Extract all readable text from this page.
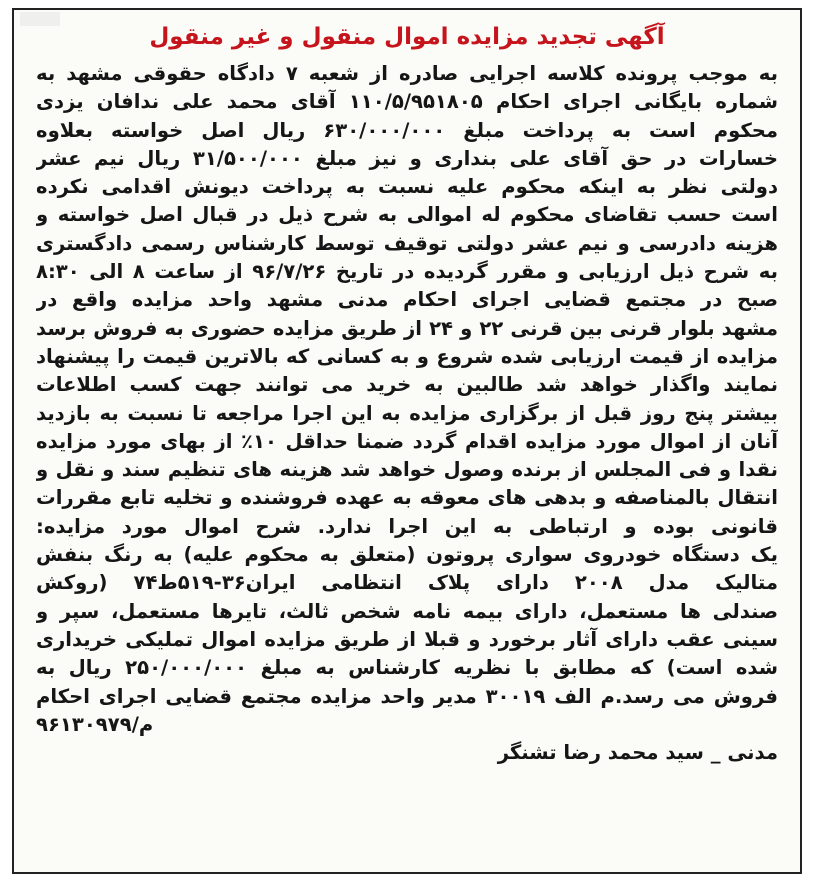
آگهی تجدید مزایده اموال منقول و غیر منقول
به موجب پرونده کلاسه اجرایی صادره از شعبه ۷ دادگاه حقوقی مشهد به
شماره بایگانی اجرای احکام ۱۱۰/۵/۹۵۱۸۰۵ آقای محمد علی ندافان یزدی
محکوم است به پرداخت مبلغ ۶۳۰/۰۰۰/۰۰۰ ریال اصل خواسته بعلاوه
خسارات در حق آقای علی بنداری و نیز مبلغ ۳۱/۵۰۰/۰۰۰ ریال نیم عشر
دولتی نظر به اینکه محکوم علیه نسبت به پرداخت دیونش اقدامی نکرده
است حسب تقاضای محکوم له اموالی به شرح ذیل در قبال اصل خواسته و
هزینه دادرسی و نیم عشر دولتی توقیف توسط کارشناس رسمی دادگستری
به شرح ذیل ارزیابی و مقرر گردیده در تاریخ ۹۶/۷/۲۶ از ساعت ۸ الی ۸:۳۰
صبح در مجتمع قضایی اجرای احکام مدنی مشهد واحد مزایده واقع در
مشهد بلوار قرنی بین قرنی ۲۲ و ۲۴ از طریق مزایده حضوری به فروش برسد
مزایده از قیمت ارزیابی شده شروع و به کسانی که بالاترین قیمت را پیشنهاد
نمایند واگذار خواهد شد طالبین به خرید می توانند جهت کسب اطلاعات
بیشتر پنج روز قبل از برگزاری مزایده به این اجرا مراجعه تا نسبت به بازدید
آنان از اموال مورد مزایده اقدام گردد ضمنا حداقل ۱۰٪ از بهای مورد مزایده
نقدا و فی المجلس از برنده وصول خواهد شد هزینه های تنظیم سند و نقل و
انتقال بالمناصفه و بدهی های معوقه به عهده فروشنده و تخلیه تابع مقررات
قانونی بوده و ارتباطی به این اجرا ندارد. شرح اموال مورد مزایده:
یک دستگاه خودروی سواری پروتون (متعلق به محکوم علیه) به رنگ بنفش
متالیک مدل ۲۰۰۸ دارای پلاک انتظامی ایران۳۶-۵۱۹ط۷۴ (روکش
صندلی ها مستعمل، دارای بیمه نامه شخص ثالث، تایرها مستعمل، سپر و
سینی عقب دارای آثار برخورد و قبلا از طریق مزایده اموال تملیکی خریداری
شده است) که مطابق با نظریه کارشناس به مبلغ ۲۵۰/۰۰۰/۰۰۰ ریال به
فروش می رسد.م الف ۳۰۰۱۹ مدیر واحد مزایده مجتمع قضایی اجرای احکام
م/۹۶۱۳۰۹۷۹
مدنی _ سید محمد رضا تشنگر
